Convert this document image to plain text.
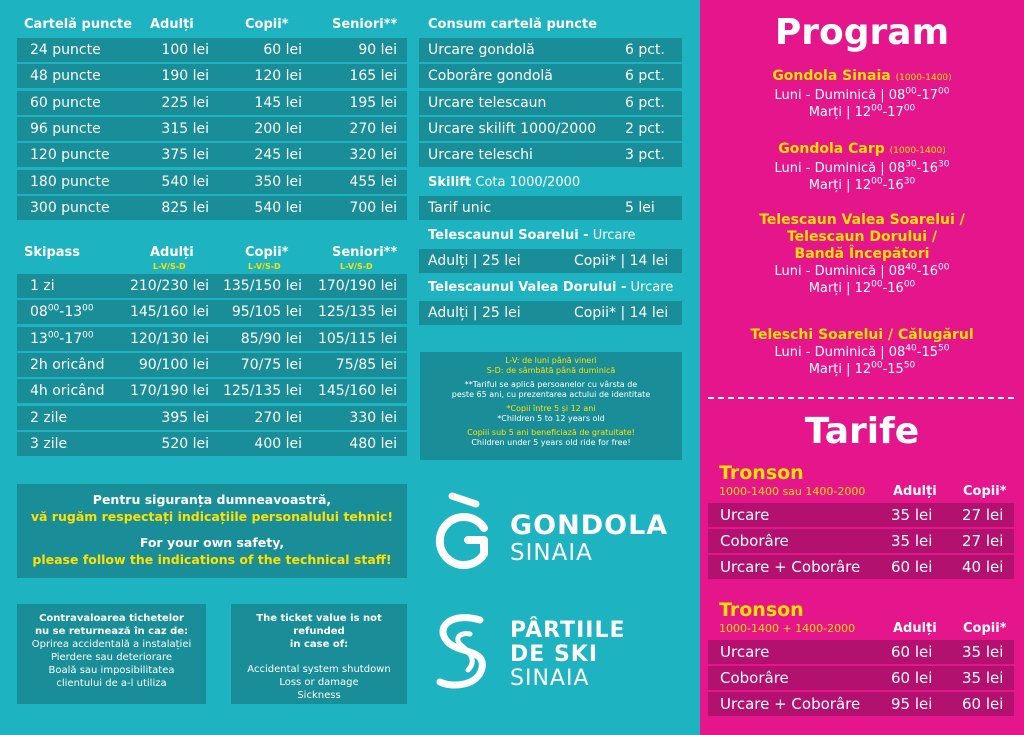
Cartelă puncte Adulți	Copii*	Seniori**
24 puncte	100 lei	60 lei	90 lei
48 puncte	190 lei	120 lei	165 lei
60 puncte	225 lei	145 lei	195 lei
96 puncte	315 lei	200 lei	270 lei
120 puncte	375 lei	245 lei	320 lei
180 puncte	540 lei	350 lei	455 lei
300 puncte	825 lei	540 lei	700 lei
Skipass	Adulți	Copii*	Seniori**
L-V/S-D	L-V/S-D	L-V/S-D
1 zi	210/230 lei 135/150 lei 170/190 lei
$08^{00}-13^{00}$	145/160 lei 95/105 lei 125/135 lei
$13^{00}-17^{00}$	120/130 lei 85/90 lei 105/115 lei
2h oricând 90/100 lei 70/75 lei 75/85 lei
4h oricând 170/190 lei 125/135 lei 145/160 lei
2 zile	395 lei	270 lei	330 lei
3 zile	520 lei	400 lei	480 lei
Consum cartelă puncte
Urcare gondolă	6 pct.
Coborâre gondolă	6 pct.
Urcare telescaun	6 pct.
Urcare skilift 1000/2000 2 pct.
Urcare teleschi	3 pct.
Skilift Cota 1000/2000
Tarif unic	5 lei
Telescaunul Soarelui - Urcare
Adulți | 25 lei	Copii* | 14 lei
Telescaunul Valea Dorului - Urcare
Adulți | 25 lei	Copii* | 14 lei
L-V: de luni până vineri
S-D: de sâmbătă până duminică
**Tariful se aplică persoanelor cu vârsta de
peste 65 ani, cu prezentarea actului de identitate
*Copii între 5 și 12 ani
*Children 5 to 12 years old
Copiii sub 5 ani beneficiază de gratuitate!
Children under 5 years old ride for free!
Pentru siguranța dumneavoastră,
vă rugăm respectați indicațiile personalului tehnic!
For your own safety,
please follow the indications of the technical staff!
Contravaloarea tichetelor
nu se returnează în caz de:
Oprirea accidentală a instalației
Pierdere sau deteriorare
Boală sau imposibilitatea
clientului de a-l utiliza
The ticket value is not refunded
in case of:
Accidental system shutdown
Loss or damage
Sickness
GONDOLA
SINAIA
PÂRTIILE
DE SKI
SINAIA
Program
Gondola Sinaia (1000-1400)
Luni - Duminică | $08^{00}-17^{00}$
Marți | $12^{00}-17^{00}$
Gondola Carp (1000-1400)
Luni - Duminică | $08^{30}-16^{30}$
Marți | $12^{00}-16^{30}$
Telescaun Valea Soarelui /
Telescaun Dorului /
Bandă Începători
Luni - Duminică | $08^{40}-16^{00}$
Marți | $12^{00}-16^{00}$
Teleschi Soarelui / Călugărul
Luni - Duminică | $08^{40}-15^{50}$
Marți | $12^{00}-15^{50}$
Tarife
Tronson
1000-1400 sau 1400-2000 Adulți Copii*
Urcare	35 lei 27 lei
Coborâre	35 lei 27 lei
Urcare + Coborâre 60 lei 40 lei
Tronson
1000-1400 + 1400-2000	Adulți Copii*
Urcare	60 lei 35 lei
Coborâre	60 lei 35 lei
Urcare + Coborâre 95 lei 60 lei
